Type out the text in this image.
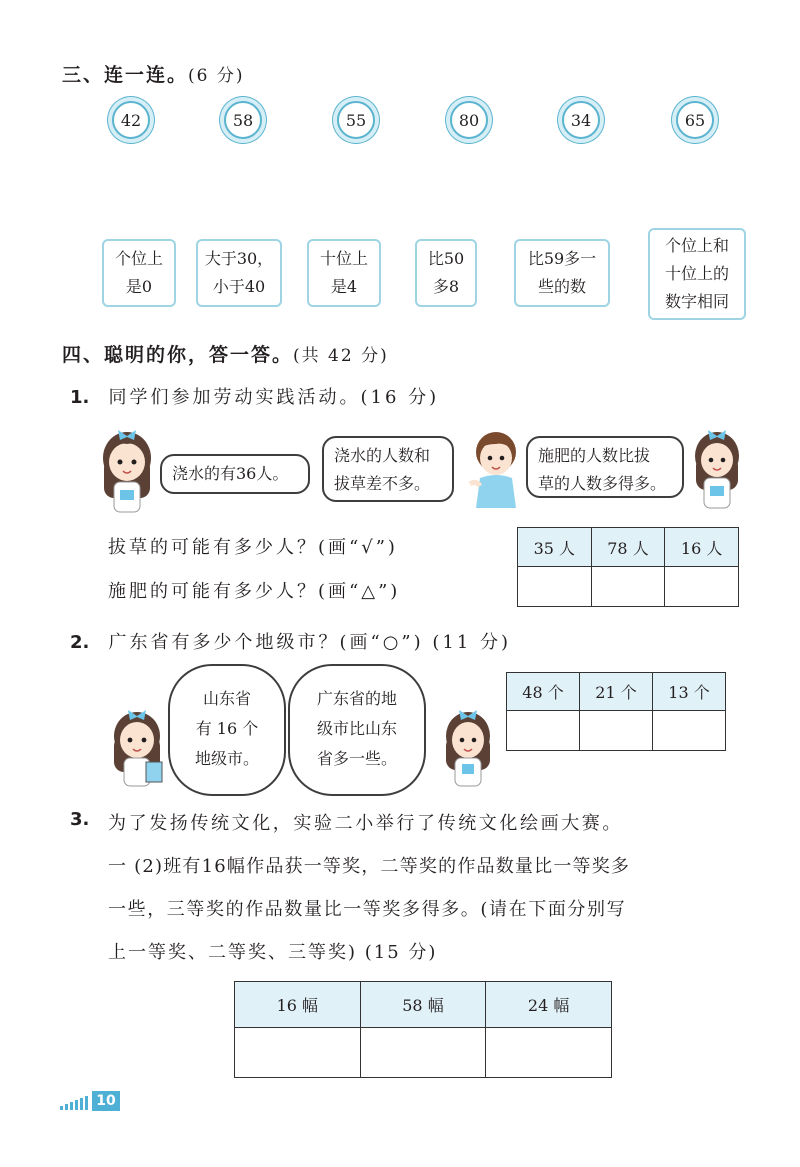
三、连一连。(6 分)
42	58	55	80	34	65
个位上
是0
大于30，
小于40
十位上
是4
比50
多8
比59多一
些的数
个位上和
十位上的
数字相同
四、聪明的你，答一答。(共 42 分)
1. 同学们参加劳动实践活动。(16 分)
浇水的有36人。
浇水的人数和
拔草差不多。
施肥的人数比拔
草的人数多得多。
拔草的可能有多少人？(画“√”)
施肥的可能有多少人？(画“△”)
35 人	78 人	16 人

2. 广东省有多少个地级市？(画“○”) (11 分)
山东省
有 16 个
地级市。
广东省的地
级市比山东
省多一些。
48 个	21 个	13 个

3. 为了发扬传统文化，实验二小举行了传统文化绘画大赛。
一 (2)班有16幅作品获一等奖，二等奖的作品数量比一等奖多
一些，三等奖的作品数量比一等奖多得多。(请在下面分别写
上一等奖、二等奖、三等奖) (15 分)
16 幅	58 幅	24 幅

10
